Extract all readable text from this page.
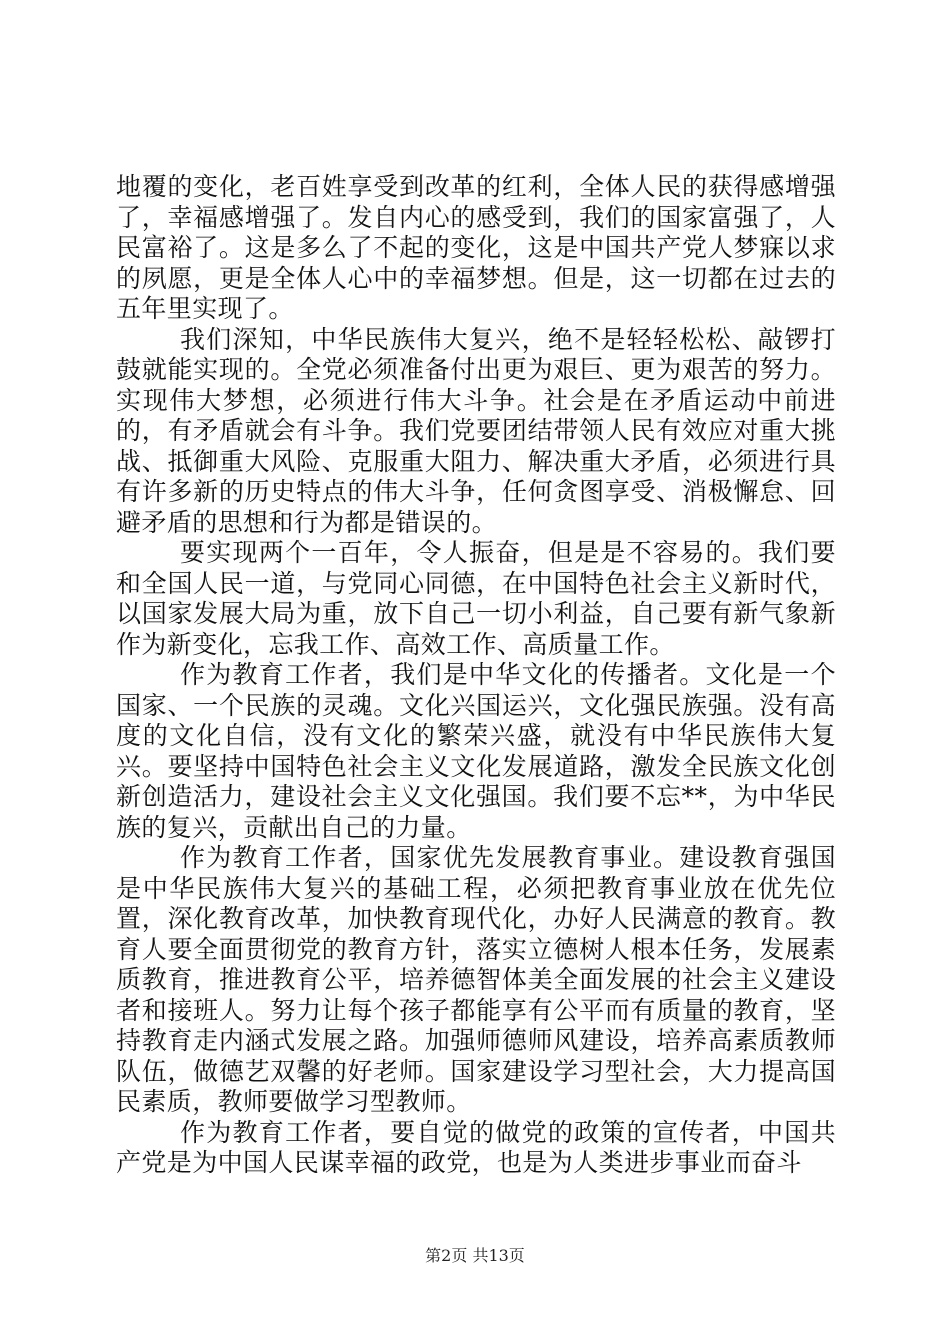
地覆的变化，老百姓享受到改革的红利，全体人民的获得感增强了，幸福感增强了。发自内心的感受到，我们的国家富强了，人民富裕了。这是多么了不起的变化，这是中国共产党人梦寐以求的夙愿，更是全体人心中的幸福梦想。但是，这一切都在过去的五年里实现了。

我们深知，中华民族伟大复兴，绝不是轻轻松松、敲锣打鼓就能实现的。全党必须准备付出更为艰巨、更为艰苦的努力。实现伟大梦想，必须进行伟大斗争。社会是在矛盾运动中前进的，有矛盾就会有斗争。我们党要团结带领人民有效应对重大挑战、抵御重大风险、克服重大阻力、解决重大矛盾，必须进行具有许多新的历史特点的伟大斗争，任何贪图享受、消极懈怠、回避矛盾的思想和行为都是错误的。

要实现两个一百年，令人振奋，但是是不容易的。我们要和全国人民一道，与党同心同德，在中国特色社会主义新时代，以国家发展大局为重，放下自己一切小利益，自己要有新气象新作为新变化，忘我工作、高效工作、高质量工作。

作为教育工作者，我们是中华文化的传播者。文化是一个国家、一个民族的灵魂。文化兴国运兴，文化强民族强。没有高度的文化自信，没有文化的繁荣兴盛，就没有中华民族伟大复兴。要坚持中国特色社会主义文化发展道路，激发全民族文化创新创造活力，建设社会主义文化强国。我们要不忘**，为中华民族的复兴，贡献出自己的力量。

作为教育工作者，国家优先发展教育事业。建设教育强国是中华民族伟大复兴的基础工程，必须把教育事业放在优先位置，深化教育改革，加快教育现代化，办好人民满意的教育。教育人要全面贯彻党的教育方针，落实立德树人根本任务，发展素质教育，推进教育公平，培养德智体美全面发展的社会主义建设者和接班人。努力让每个孩子都能享有公平而有质量的教育，坚持教育走内涵式发展之路。加强师德师风建设，培养高素质教师队伍，做德艺双馨的好老师。国家建设学习型社会，大力提高国民素质，教师要做学习型教师。

作为教育工作者，要自觉的做党的政策的宣传者，中国共产党是为中国人民谋幸福的政党，也是为人类进步事业而奋斗

第2页 共13页
